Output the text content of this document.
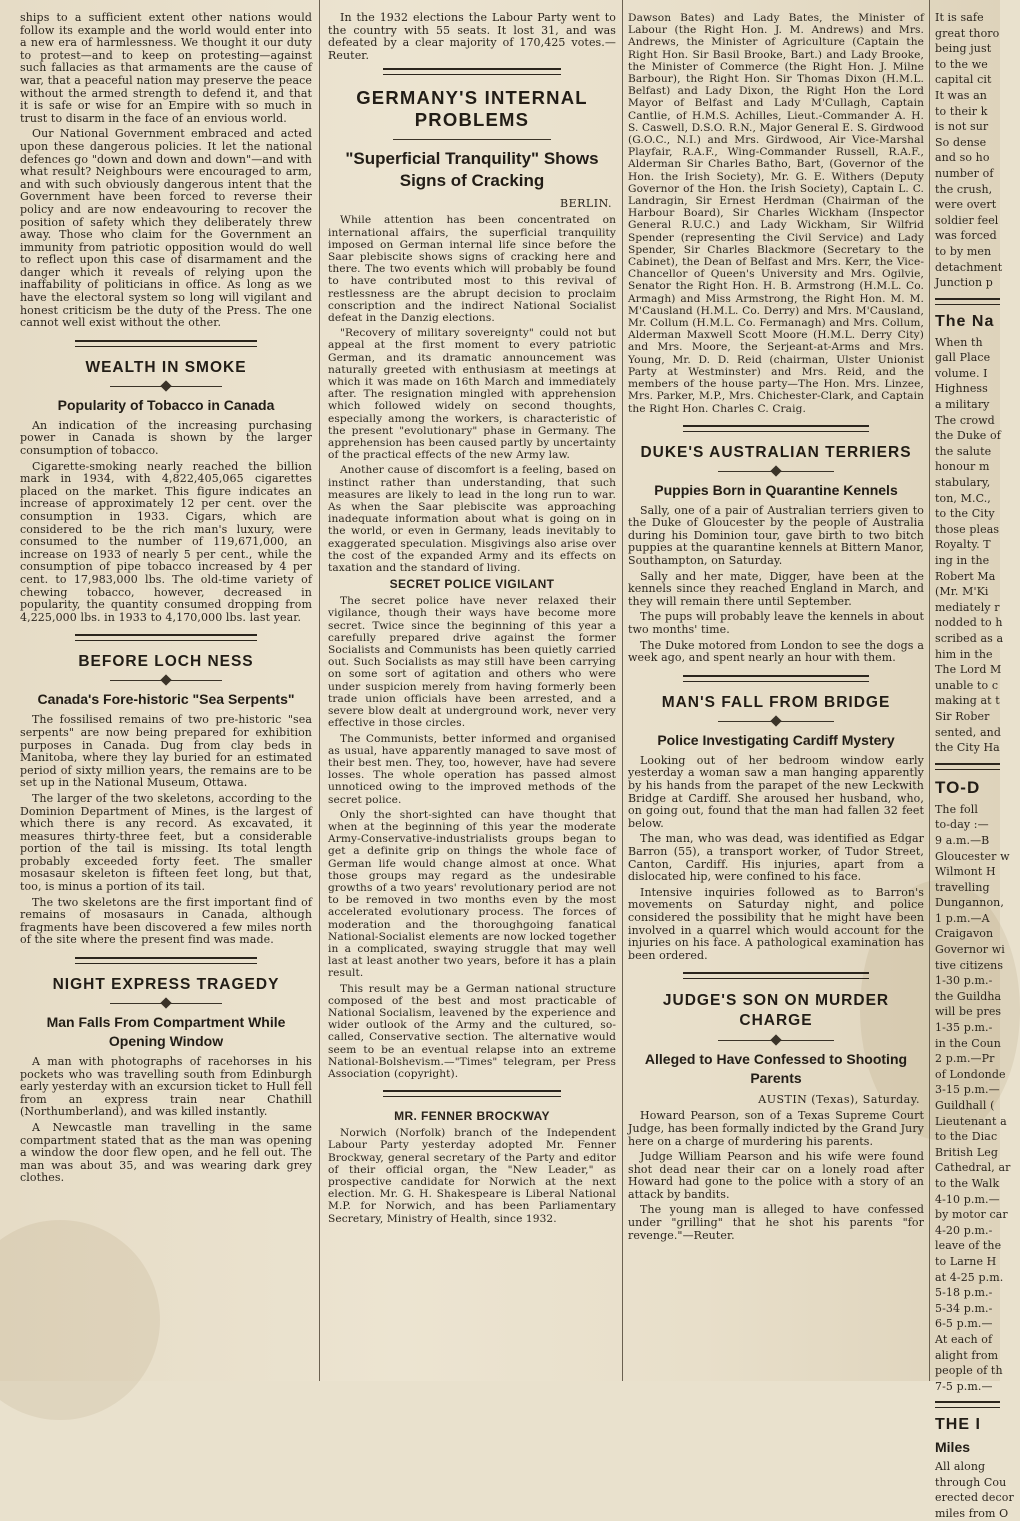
ships to a sufficient extent other nations would follow its example and the world would enter into a new era of harmlessness. We thought it our duty to protest—and to keep on protesting—against such fallacies as that armaments are the cause of war, that a peaceful nation may preserve the peace without the armed strength to defend it, and that it is safe or wise for an Empire with so much in trust to disarm in the face of an envious world.

Our National Government embraced and acted upon these dangerous policies. It let the national defences go "down and down and down"—and with what result? Neighbours were encouraged to arm, and with such obviously dangerous intent that the Government have been forced to reverse their policy and are now endeavouring to recover the position of safety which they deliberately threw away. Those who claim for the Government an immunity from patriotic opposition would do well to reflect upon this case of disarmament and the danger which it reveals of relying upon the inaffability of politicians in office. As long as we have the electoral system so long will vigilant and honest criticism be the duty of the Press. The one cannot well exist without the other.

WEALTH IN SMOKE
Popularity of Tobacco in Canada

An indication of the increasing purchasing power in Canada is shown by the larger consumption of tobacco.

Cigarette-smoking nearly reached the billion mark in 1934, with 4,822,405,065 cigarettes placed on the market. This figure indicates an increase of approximately 12 per cent. over the consumption in 1933. Cigars, which are considered to be the rich man's luxury, were consumed to the number of 119,671,000, an increase on 1933 of nearly 5 per cent., while the consumption of pipe tobacco increased by 4 per cent. to 17,983,000 lbs. The old-time variety of chewing tobacco, however, decreased in popularity, the quantity consumed dropping from 4,225,000 lbs. in 1933 to 4,170,000 lbs. last year.

BEFORE LOCH NESS
Canada's Fore-historic "Sea Serpents"

The fossilised remains of two pre-historic "sea serpents" are now being prepared for exhibition purposes in Canada. Dug from clay beds in Manitoba, where they lay buried for an estimated period of sixty million years, the remains are to be set up in the National Museum, Ottawa.

The larger of the two skeletons, according to the Dominion Department of Mines, is the largest of which there is any record. As excavated, it measures thirty-three feet, but a considerable portion of the tail is missing. Its total length probably exceeded forty feet. The smaller mosasaur skeleton is fifteen feet long, but that, too, is minus a portion of its tail.

The two skeletons are the first important find of remains of mosasaurs in Canada, although fragments have been discovered a few miles north of the site where the present find was made.

NIGHT EXPRESS TRAGEDY
Man Falls From Compartment While Opening Window

A man with photographs of racehorses in his pockets who was travelling south from Edinburgh early yesterday with an excursion ticket to Hull fell from an express train near Chathill (Northumberland), and was killed instantly.

A Newcastle man travelling in the same compartment stated that as the man was opening a window the door flew open, and he fell out. The man was about 35, and was wearing dark grey clothes.

In the 1932 elections the Labour Party went to the country with 55 seats. It lost 31, and was defeated by a clear majority of 170,425 votes.—Reuter.

GERMANY'S INTERNAL PROBLEMS
"Superficial Tranquility" Shows Signs of Cracking
BERLIN.

While attention has been concentrated on international affairs, the superficial tranquility imposed on German internal life since before the Saar plebiscite shows signs of cracking here and there. The two events which will probably be found to have contributed most to this revival of restlessness are the abrupt decision to proclaim conscription and the indirect National Socialist defeat in the Danzig elections.

"Recovery of military sovereignty" could not but appeal at the first moment to every patriotic German, and its dramatic announcement was naturally greeted with enthusiasm at meetings at which it was made on 16th March and immediately after. The resignation mingled with apprehension which followed widely on second thoughts, especially among the workers, is characteristic of the present "evolutionary" phase in Germany. The apprehension has been caused partly by uncertainty of the practical effects of the new Army law.

Another cause of discomfort is a feeling, based on instinct rather than understanding, that such measures are likely to lead in the long run to war. As when the Saar plebiscite was approaching inadequate information about what is going on in the world, or even in Germany, leads inevitably to exaggerated speculation. Misgivings also arise over the cost of the expanded Army and its effects on taxation and the standard of living.

SECRET POLICE VIGILANT

The secret police have never relaxed their vigilance, though their ways have become more secret. Twice since the beginning of this year a carefully prepared drive against the former Socialists and Communists has been quietly carried out. Such Socialists as may still have been carrying on some sort of agitation and others who were under suspicion merely from having formerly been trade union officials have been arrested, and a severe blow dealt at underground work, never very effective in those circles.

The Communists, better informed and organised as usual, have apparently managed to save most of their best men. They, too, however, have had severe losses. The whole operation has passed almost unnoticed owing to the improved methods of the secret police.

Only the short-sighted can have thought that when at the beginning of this year the moderate Army-Conservative-industrialists groups began to get a definite grip on things the whole face of German life would change almost at once. What those groups may regard as the undesirable growths of a two years' revolutionary period are not to be removed in two months even by the most accelerated evolutionary process. The forces of moderation and the thoroughgoing fanatical National-Socialist elements are now locked together in a complicated, swaying struggle that may well last at least another two years, before it has a plain result.

This result may be a German national structure composed of the best and most practicable of National Socialism, leavened by the experience and wider outlook of the Army and the cultured, so-called, Conservative section. The alternative would seem to be an eventual relapse into an extreme National-Bolshevism.—"Times" telegram, per Press Association (copyright).

MR. FENNER BROCKWAY

Norwich (Norfolk) branch of the Independent Labour Party yesterday adopted Mr. Fenner Brockway, general secretary of the Party and editor of their official organ, the "New Leader," as prospective candidate for Norwich at the next election. Mr. G. H. Shakespeare is Liberal National M.P. for Norwich, and has been Parliamentary Secretary, Ministry of Health, since 1932.

Dawson Bates) and Lady Bates, the Minister of Labour (the Right Hon. J. M. Andrews) and Mrs. Andrews, the Minister of Agriculture (Captain the Right Hon. Sir Basil Brooke, Bart.) and Lady Brooke, the Minister of Commerce (the Right Hon. J. Milne Barbour), the Right Hon. Sir Thomas Dixon (H.M.L. Belfast) and Lady Dixon, the Right Hon the Lord Mayor of Belfast and Lady M'Cullagh, Captain Cantlie, of H.M.S. Achilles, Lieut.-Commander A. H. S. Caswell, D.S.O. R.N., Major General E. S. Girdwood (G.O.C., N.I.) and Mrs. Girdwood, Air Vice-Marshal Playfair, R.A.F., Wing-Commander Russell, R.A.F., Alderman Sir Charles Batho, Bart, (Governor of the Hon. the Irish Society), Mr. G. E. Withers (Deputy Governor of the Hon. the Irish Society), Captain L. C. Landragin, Sir Ernest Herdman (Chairman of the Harbour Board), Sir Charles Wickham (Inspector General R.U.C.) and Lady Wickham, Sir Wilfrid Spender (representing the Civil Service) and Lady Spender, Sir Charles Blackmore (Secretary to the Cabinet), the Dean of Belfast and Mrs. Kerr, the Vice-Chancellor of Queen's University and Mrs. Ogilvie, Senator the Right Hon. H. B. Armstrong (H.M.L. Co. Armagh) and Miss Armstrong, the Right Hon. M. M. M'Causland (H.M.L. Co. Derry) and Mrs. M'Causland, Mr. Collum (H.M.L. Co. Fermanagh) and Mrs. Collum, Alderman Maxwell Scott Moore (H.M.L. Derry City) and Mrs. Moore, the Serjeant-at-Arms and Mrs. Young, Mr. D. D. Reid (chairman, Ulster Unionist Party at Westminster) and Mrs. Reid, and the members of the house party—The Hon. Mrs. Linzee, Mrs. Parker, M.P., Mrs. Chichester-Clark, and Captain the Right Hon. Charles C. Craig.

DUKE'S AUSTRALIAN TERRIERS
Puppies Born in Quarantine Kennels

Sally, one of a pair of Australian terriers given to the Duke of Gloucester by the people of Australia during his Dominion tour, gave birth to two bitch puppies at the quarantine kennels at Bittern Manor, Southampton, on Saturday.

Sally and her mate, Digger, have been at the kennels since they reached England in March, and they will remain there until September.

The pups will probably leave the kennels in about two months' time.

The Duke motored from London to see the dogs a week ago, and spent nearly an hour with them.

MAN'S FALL FROM BRIDGE
Police Investigating Cardiff Mystery

Looking out of her bedroom window early yesterday a woman saw a man hanging apparently by his hands from the parapet of the new Leckwith Bridge at Cardiff. She aroused her husband, who, on going out, found that the man had fallen 32 feet below.

The man, who was dead, was identified as Edgar Barron (55), a transport worker, of Tudor Street, Canton, Cardiff. His injuries, apart from a dislocated hip, were confined to his face.

Intensive inquiries followed as to Barron's movements on Saturday night, and police considered the possibility that he might have been involved in a quarrel which would account for the injuries on his face. A pathological examination has been ordered.

JUDGE'S SON ON MURDER CHARGE
Alleged to Have Confessed to Shooting Parents
AUSTIN (Texas), Saturday.

Howard Pearson, son of a Texas Supreme Court Judge, has been formally indicted by the Grand Jury here on a charge of murdering his parents.

Judge William Pearson and his wife were found shot dead near their car on a lonely road after Howard had gone to the police with a story of an attack by bandits.

The young man is alleged to have confessed under "grilling" that he shot his parents "for revenge."—Reuter.

It is safe

great thoro

being just

to the we

capital cit

It was an

to their k

is not sur

So dense

and so ho

number of

the crush,

were overt

soldier feel

was forced

to by men

detachment

Junction p

The Na

When th

gall Place

volume. I

Highness

a military

The crowd

the Duke of

the salute

honour m

stabulary,

ton, M.C.,

to the City

those pleas

Royalty. T

ing in the

Robert Ma

(Mr. M'Ki

mediately r

nodded to h

scribed as a

him in the

The Lord M

unable to c

making at t

Sir Rober

sented, and

the City Ha

TO-D

The foll

to-day :—

9 a.m.—B

Gloucester w

Wilmont H

travelling

Dungannon,

1 p.m.—A

Craigavon

Governor wi

tive citizens

1-30 p.m.-

the Guildha

will be pres

1-35 p.m.-

in the Coun

2 p.m.—Pr

of Londonde

3-15 p.m.—

Guildhall (

Lieutenant a

to the Diac

British Leg

Cathedral, ar

to the Walk

4-10 p.m.—

by motor car

4-20 p.m.-

leave of the

to Larne H

at 4-25 p.m.

5-18 p.m.-

5-34 p.m.-

6-5 p.m.—

At each of

alight from

people of th

7-5 p.m.—

THE I
Miles

All along

through Cou

erected decor

miles from O
